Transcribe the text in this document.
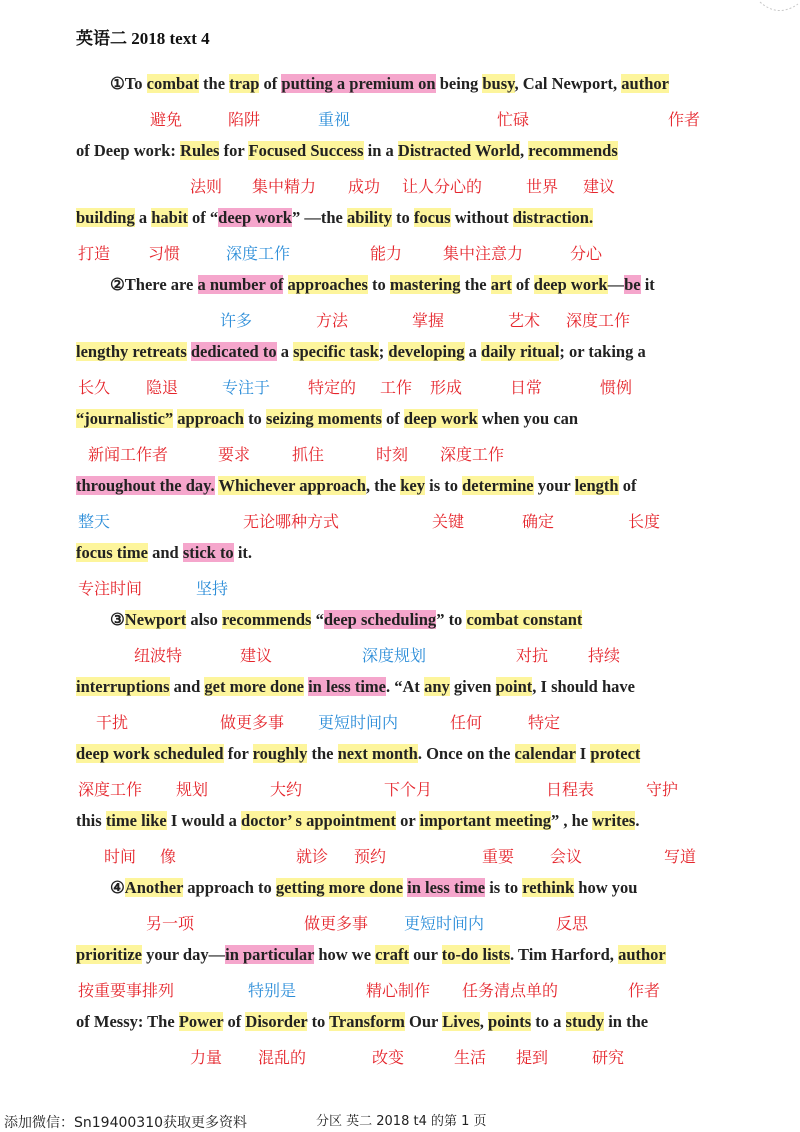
英语二 2018 text 4
①To combat the trap of putting a premium on being busy, Cal Newport, author
避免	陷阱	重视	忙碌	作者
of Deep work: Rules for Focused Success in a Distracted World, recommends
法则 集中精力 成功 让人分心的	世界 建议
building a habit of “deep work” —the ability to focus without distraction.
打造 习惯	深度工作	能力	集中注意力	分心
②There are a number of approaches to mastering the art of deep work—be it
许多	方法	掌握	艺术 深度工作
lengthy retreats dedicated to a specific task; developing a daily ritual; or taking a
长久 隐退	专注于 特定的 工作 形成	日常	惯例
“journalistic” approach to seizing moments of deep work when you can
新闻工作者	要求	抓住	时刻 深度工作
throughout the day. Whichever approach, the key is to determine your length of
整天	无论哪种方式	关键	确定	长度
focus time and stick to it.
专注时间	坚持
③Newport also recommends “deep scheduling” to combat constant
纽波特	建议	深度规划	对抗 持续
interruptions and get more done in less time. “At any given point, I should have
干扰	做更多事 更短时间内	任何	特定
deep work scheduled for roughly the next month. Once on the calendar I protect
深度工作 规划	大约	下个月	日程表	守护
this time like I would a doctor’ s appointment or important meeting” , he writes.
时间 像	就诊 预约	重要 会议	写道
④Another approach to getting more done in less time is to rethink how you
另一项	做更多事 更短时间内	反思
prioritize your day—in particular how we craft our to-do lists. Tim Harford, author
按重要事排列	特别是	精心制作 任务清点单的	作者
of Messy: The Power of Disorder to Transform Our Lives, points to a study in the
力量 混乱的	改变	生活 提到	研究
添加微信：Sn19400310获取更多资料	分区 英二 2018 t4 的第 1 页
